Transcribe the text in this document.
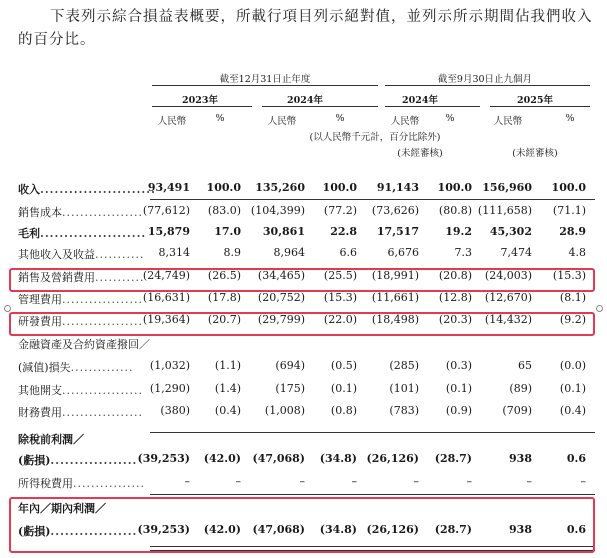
下表列示綜合損益表概要，所載行項目列示絕對值，並列示所示期間佔我們收入的百分比。
截至12月31日止年度	截至9月30日止九個月
2023年	2024年	2024年	2025年
人民幣	%	人民幣	%	人民幣	%	人民幣	%
(以人民幣千元計，百分比除外)
(未經審核)	(未經審核)
收入........................
93,491 100.0 135,260 100.0 91,143 100.0 156,960 100.0
銷售成本.................. (77,612) (83.0) (104,399) (77.2) (73,626) (80.8) (111,658) (71.1)
毛利...................... 15,879 17.0 30,861 22.8 17,517 19.2 45,302 28.9
其他收入及收益........... 8,314	8.9	8,964	6.6	6,676	7.3	7,474	4.8
銷售及營銷費用...........
(24,749) (26.5) (34,465) (25.5) (18,991) (20.8) (24,003) (15.3)
管理費用.................. (16,631) (17.8) (20,752) (15.3) (11,661) (12.8) (12,670)	(8.1)
研發費用.................. (19,364) (20.7) (29,799) (22.0) (18,498) (20.3) (14,432)	(9.2)
金融資產及合約資產撥回／
(減值)損失.............. (1,032) (1.1)	(694) (0.5)	(285) (0.3)	65	(0.0)
其他開支.................. (1,290) (1.4)	(175) (0.1)	(101) (0.1)	(89)	(0.1)
財務費用.................. (380) (0.4) (1,008) (0.8)	(783) (0.9)	(709)	(0.4)
除稅前利潤／
(虧損).................. (39,253) (42.0) (47,068) (34.8) (26,126) (28.7)	938	0.6
所得稅費用................	–	–	–	–	–	–	–	–
年內／期內利潤／
(虧損).................. (39,253) (42.0) (47,068) (34.8) (26,126) (28.7)	938	0.6
